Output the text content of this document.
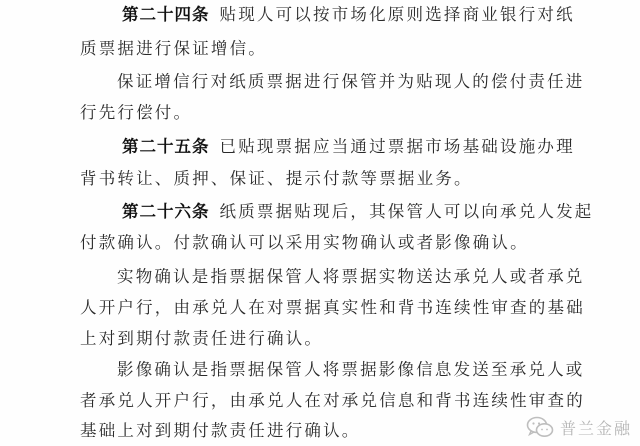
第二十四条 贴现人可以按市场化原则选择商业银行对纸
质票据进行保证增信。
保证增信行对纸质票据进行保管并为贴现人的偿付责任进
行先行偿付。
第二十五条 已贴现票据应当通过票据市场基础设施办理
背书转让、质押、保证、提示付款等票据业务。
第二十六条 纸质票据贴现后，其保管人可以向承兑人发起
付款确认。付款确认可以采用实物确认或者影像确认。
实物确认是指票据保管人将票据实物送达承兑人或者承兑
人开户行，由承兑人在对票据真实性和背书连续性审查的基础
上对到期付款责任进行确认。
影像确认是指票据保管人将票据影像信息发送至承兑人或
者承兑人开户行，由承兑人在对承兑信息和背书连续性审查的
基础上对到期付款责任进行确认。	普兰金融
